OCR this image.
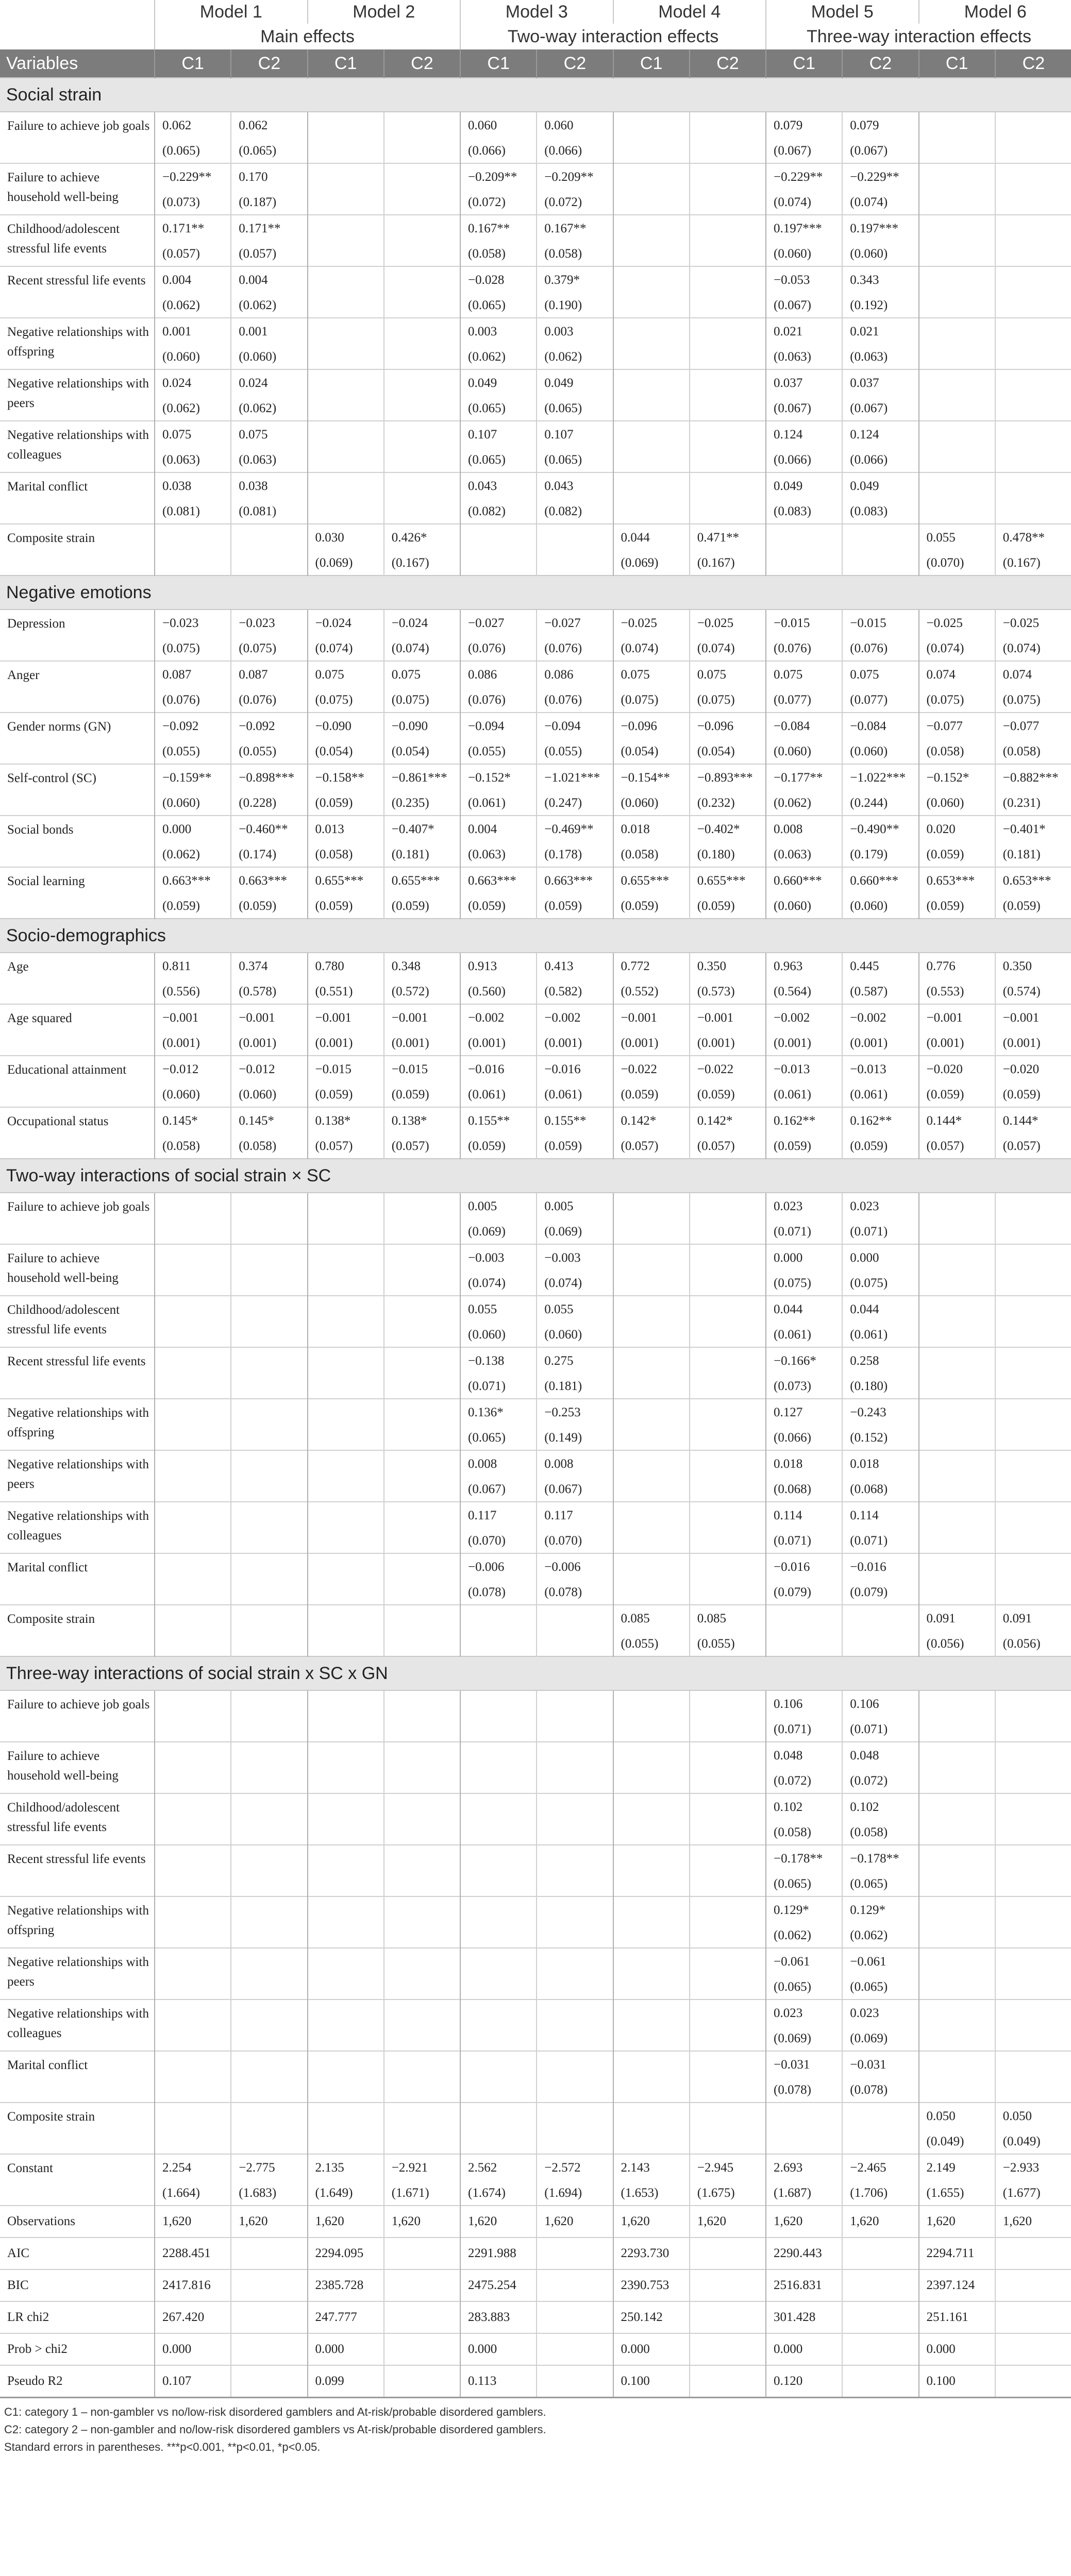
	Model 1		Model 2		Model 3		Model 4		Model 5		Model 6	
	Main effects				Two-way interaction effects				Three-way interaction effects			
Variables	C1	C2	C1	C2	C1	C2	C1	C2	C1	C2	C1	C2
Social strain												
Failure to achieve job goals	0.062	0.062			0.060	0.060			0.079	0.079		
	(0.065)	(0.065)			(0.066)	(0.066)			(0.067)	(0.067)		
Failure to achieve household well-being	−0.229**	0.170			−0.209**	−0.209**			−0.229**	−0.229**		
	(0.073)	(0.187)			(0.072)	(0.072)			(0.074)	(0.074)		
Childhood/adolescent stressful life events	0.171**	0.171**			0.167**	0.167**			0.197***	0.197***		
	(0.057)	(0.057)			(0.058)	(0.058)			(0.060)	(0.060)		
Recent stressful life events	0.004	0.004			−0.028	0.379*			−0.053	0.343		
	(0.062)	(0.062)			(0.065)	(0.190)			(0.067)	(0.192)		
Negative relationships with offspring	0.001	0.001			0.003	0.003			0.021	0.021		
	(0.060)	(0.060)			(0.062)	(0.062)			(0.063)	(0.063)		
Negative relationships with peers	0.024	0.024			0.049	0.049			0.037	0.037		
	(0.062)	(0.062)			(0.065)	(0.065)			(0.067)	(0.067)		
Negative relationships with colleagues	0.075	0.075			0.107	0.107			0.124	0.124		
	(0.063)	(0.063)			(0.065)	(0.065)			(0.066)	(0.066)		
Marital conflict	0.038	0.038			0.043	0.043			0.049	0.049		
	(0.081)	(0.081)			(0.082)	(0.082)			(0.083)	(0.083)		
Composite strain			0.030	0.426*			0.044	0.471**			0.055	0.478**
			(0.069)	(0.167)			(0.069)	(0.167)			(0.070)	(0.167)
Negative emotions												
Depression	−0.023	−0.023	−0.024	−0.024	−0.027	−0.027	−0.025	−0.025	−0.015	−0.015	−0.025	−0.025
	(0.075)	(0.075)	(0.074)	(0.074)	(0.076)	(0.076)	(0.074)	(0.074)	(0.076)	(0.076)	(0.074)	(0.074)
Anger	0.087	0.087	0.075	0.075	0.086	0.086	0.075	0.075	0.075	0.075	0.074	0.074
	(0.076)	(0.076)	(0.075)	(0.075)	(0.076)	(0.076)	(0.075)	(0.075)	(0.077)	(0.077)	(0.075)	(0.075)
Gender norms (GN)	−0.092	−0.092	−0.090	−0.090	−0.094	−0.094	−0.096	−0.096	−0.084	−0.084	−0.077	−0.077
	(0.055)	(0.055)	(0.054)	(0.054)	(0.055)	(0.055)	(0.054)	(0.054)	(0.060)	(0.060)	(0.058)	(0.058)
Self-control (SC)	−0.159**	−0.898***	−0.158**	−0.861***	−0.152*	−1.021***	−0.154**	−0.893***	−0.177**	−1.022***	−0.152*	−0.882***
	(0.060)	(0.228)	(0.059)	(0.235)	(0.061)	(0.247)	(0.060)	(0.232)	(0.062)	(0.244)	(0.060)	(0.231)
Social bonds	0.000	−0.460**	0.013	−0.407*	0.004	−0.469**	0.018	−0.402*	0.008	−0.490**	0.020	−0.401*
	(0.062)	(0.174)	(0.058)	(0.181)	(0.063)	(0.178)	(0.058)	(0.180)	(0.063)	(0.179)	(0.059)	(0.181)
Social learning	0.663***	0.663***	0.655***	0.655***	0.663***	0.663***	0.655***	0.655***	0.660***	0.660***	0.653***	0.653***
	(0.059)	(0.059)	(0.059)	(0.059)	(0.059)	(0.059)	(0.059)	(0.059)	(0.060)	(0.060)	(0.059)	(0.059)
Socio-demographics												
Age	0.811	0.374	0.780	0.348	0.913	0.413	0.772	0.350	0.963	0.445	0.776	0.350
	(0.556)	(0.578)	(0.551)	(0.572)	(0.560)	(0.582)	(0.552)	(0.573)	(0.564)	(0.587)	(0.553)	(0.574)
Age squared	−0.001	−0.001	−0.001	−0.001	−0.002	−0.002	−0.001	−0.001	−0.002	−0.002	−0.001	−0.001
	(0.001)	(0.001)	(0.001)	(0.001)	(0.001)	(0.001)	(0.001)	(0.001)	(0.001)	(0.001)	(0.001)	(0.001)
Educational attainment	−0.012	−0.012	−0.015	−0.015	−0.016	−0.016	−0.022	−0.022	−0.013	−0.013	−0.020	−0.020
	(0.060)	(0.060)	(0.059)	(0.059)	(0.061)	(0.061)	(0.059)	(0.059)	(0.061)	(0.061)	(0.059)	(0.059)
Occupational status	0.145*	0.145*	0.138*	0.138*	0.155**	0.155**	0.142*	0.142*	0.162**	0.162**	0.144*	0.144*
	(0.058)	(0.058)	(0.057)	(0.057)	(0.059)	(0.059)	(0.057)	(0.057)	(0.059)	(0.059)	(0.057)	(0.057)
Two-way interactions of social strain × SC												
Failure to achieve job goals					0.005	0.005			0.023	0.023		
					(0.069)	(0.069)			(0.071)	(0.071)		
Failure to achieve household well-being					−0.003	−0.003			0.000	0.000		
					(0.074)	(0.074)			(0.075)	(0.075)		
Childhood/adolescent stressful life events					0.055	0.055			0.044	0.044		
					(0.060)	(0.060)			(0.061)	(0.061)		
Recent stressful life events					−0.138	0.275			−0.166*	0.258		
					(0.071)	(0.181)			(0.073)	(0.180)		
Negative relationships with offspring					0.136*	−0.253			0.127	−0.243		
					(0.065)	(0.149)			(0.066)	(0.152)		
Negative relationships with peers					0.008	0.008			0.018	0.018		
					(0.067)	(0.067)			(0.068)	(0.068)		
Negative relationships with colleagues					0.117	0.117			0.114	0.114		
					(0.070)	(0.070)			(0.071)	(0.071)		
Marital conflict					−0.006	−0.006			−0.016	−0.016		
					(0.078)	(0.078)			(0.079)	(0.079)		
Composite strain							0.085	0.085			0.091	0.091
							(0.055)	(0.055)			(0.056)	(0.056)
Three-way interactions of social strain x SC x GN												
Failure to achieve job goals									0.106	0.106		
									(0.071)	(0.071)		
Failure to achieve household well-being									0.048	0.048		
									(0.072)	(0.072)		
Childhood/adolescent stressful life events									0.102	0.102		
									(0.058)	(0.058)		
Recent stressful life events									−0.178**	−0.178**		
									(0.065)	(0.065)		
Negative relationships with offspring									0.129*	0.129*		
									(0.062)	(0.062)		
Negative relationships with peers									−0.061	−0.061		
									(0.065)	(0.065)		
Negative relationships with colleagues									0.023	0.023		
									(0.069)	(0.069)		
Marital conflict									−0.031	−0.031		
									(0.078)	(0.078)		
Composite strain											0.050	0.050
											(0.049)	(0.049)
Constant	2.254	−2.775	2.135	−2.921	2.562	−2.572	2.143	−2.945	2.693	−2.465	2.149	−2.933
	(1.664)	(1.683)	(1.649)	(1.671)	(1.674)	(1.694)	(1.653)	(1.675)	(1.687)	(1.706)	(1.655)	(1.677)
Observations	1,620	1,620	1,620	1,620	1,620	1,620	1,620	1,620	1,620	1,620	1,620	1,620
AIC	2288.451		2294.095		2291.988		2293.730		2290.443		2294.711	
BIC	2417.816		2385.728		2475.254		2390.753		2516.831		2397.124	
LR chi2	267.420		247.777		283.883		250.142		301.428		251.161	
Prob > chi2	0.000		0.000		0.000		0.000		0.000		0.000	
Pseudo R2	0.107		0.099		0.113		0.100		0.120		0.100	
C1: category 1 – non-gambler vs no/low-risk disordered gamblers and At-risk/probable disordered gamblers.
C2: category 2 – non-gambler and no/low-risk disordered gamblers vs At-risk/probable disordered gamblers.
Standard errors in parentheses. ***p<0.001, **p<0.01, *p<0.05.
